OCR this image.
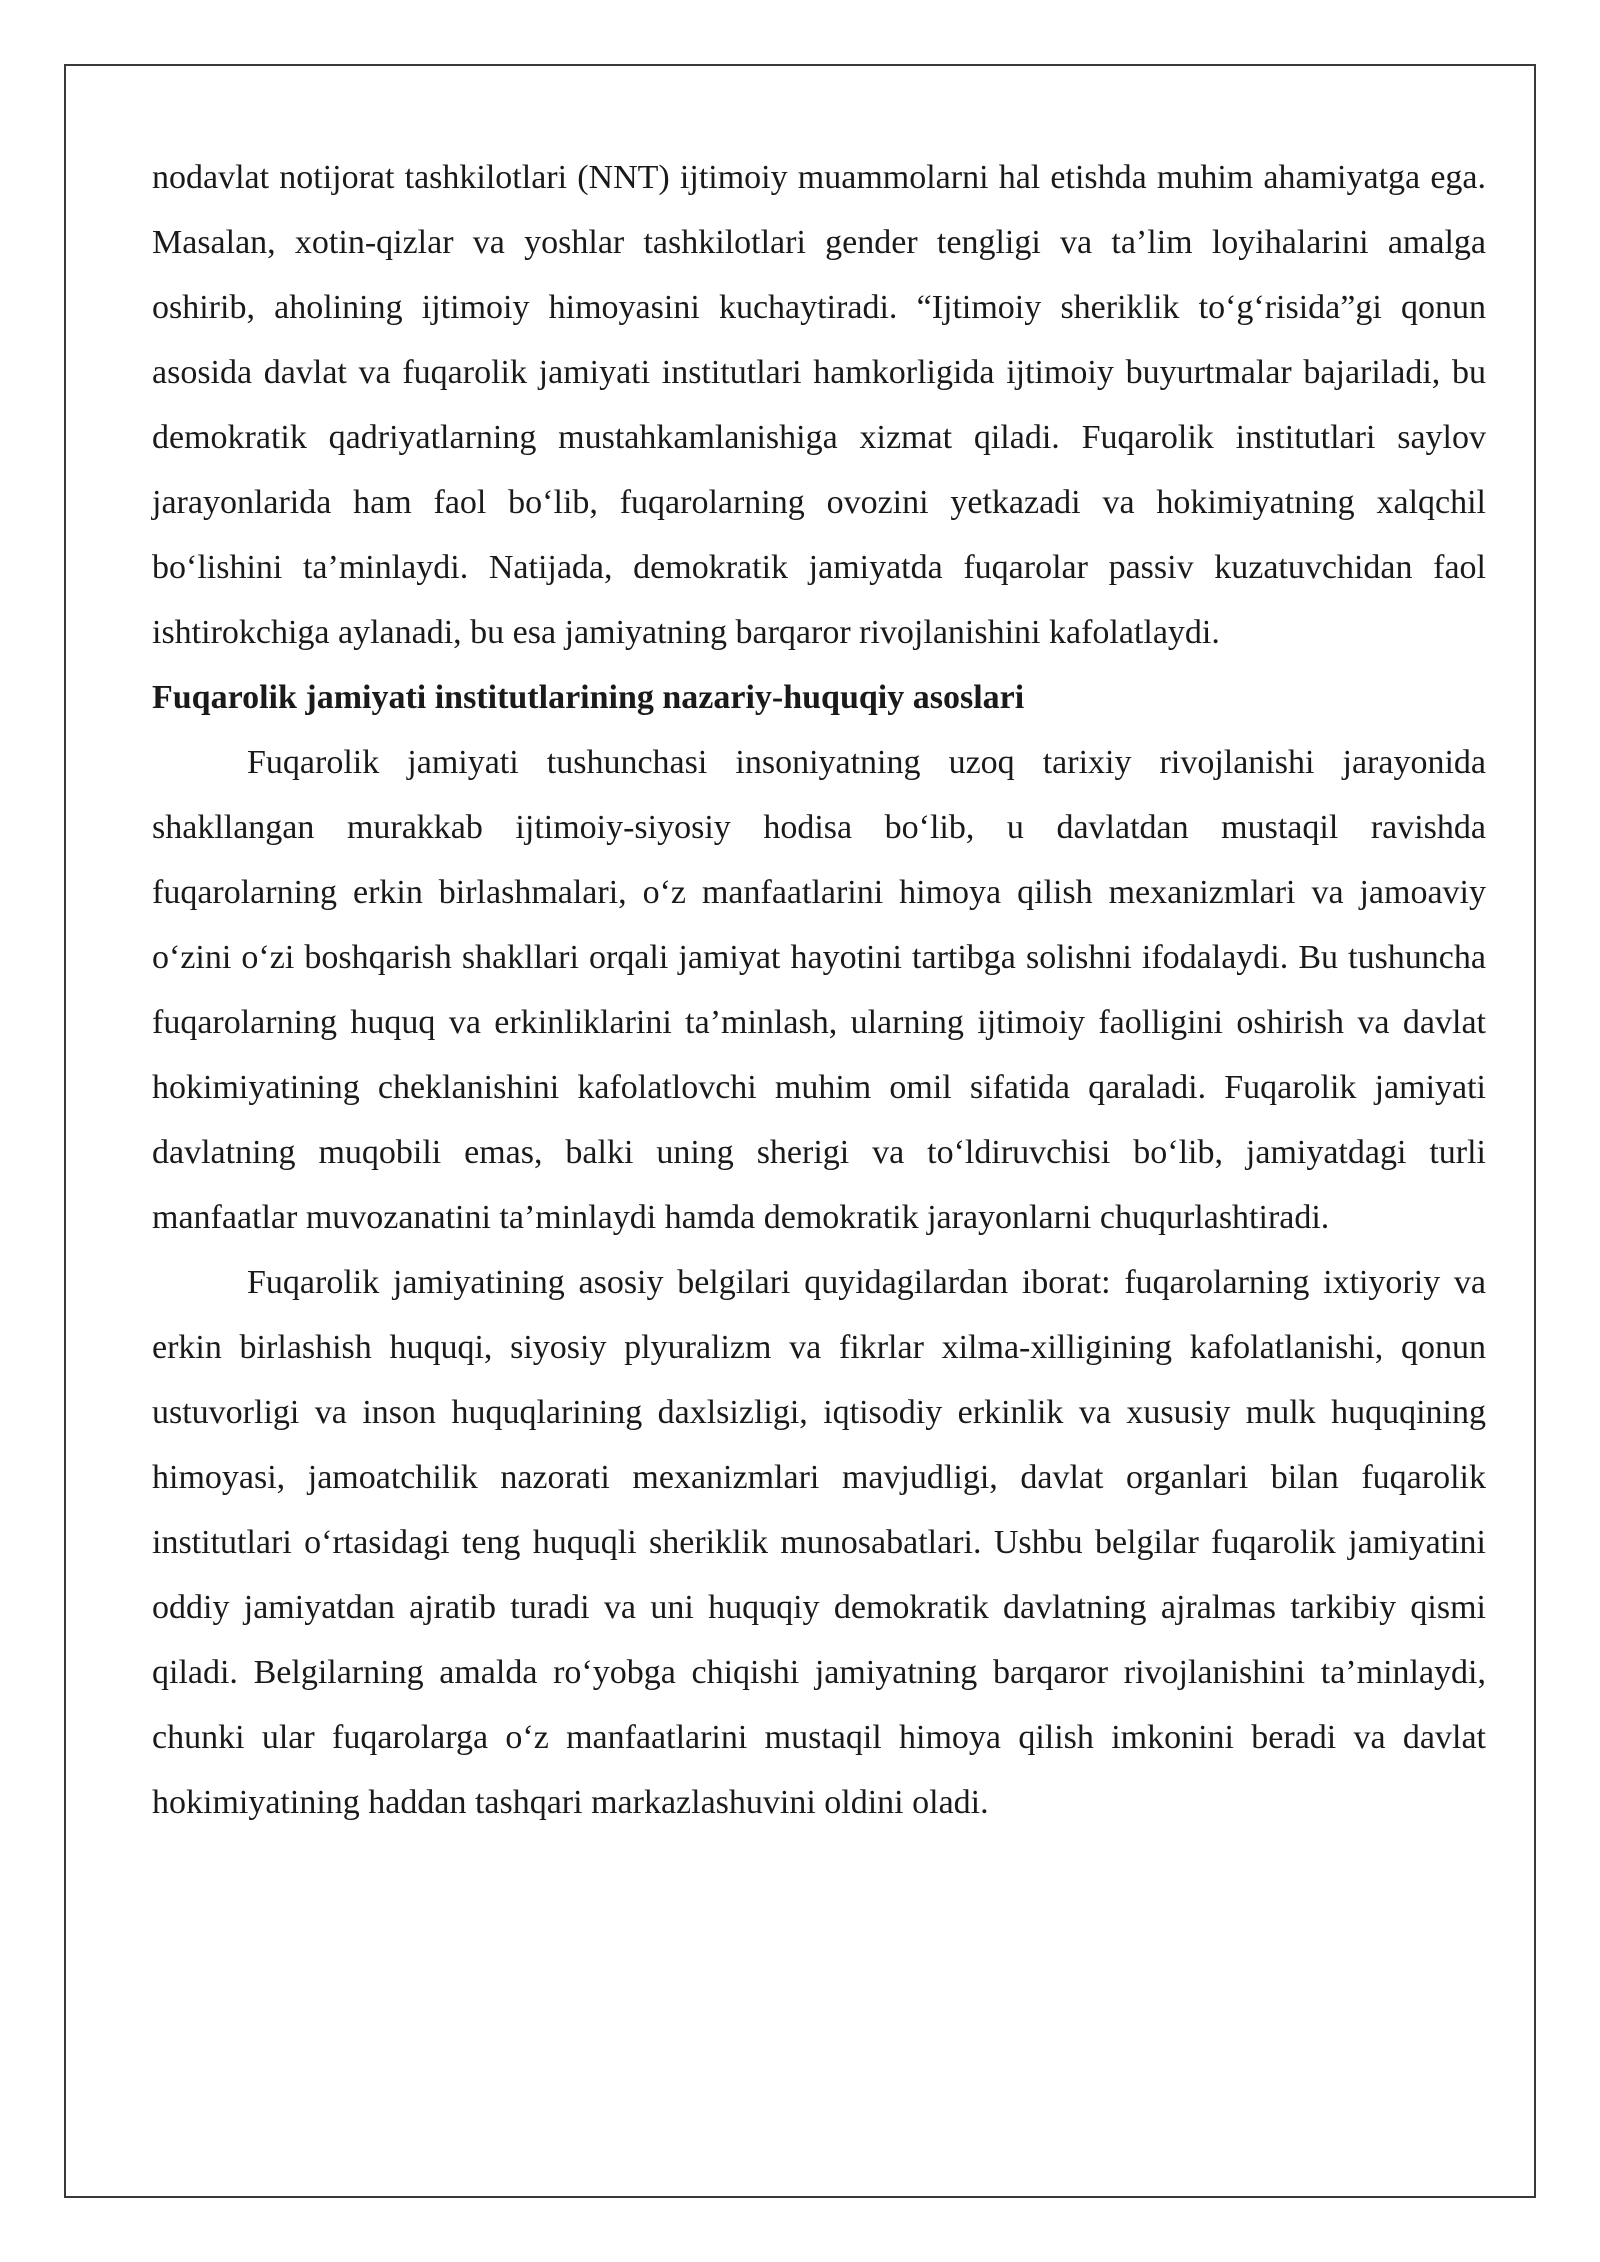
nodavlat notijorat tashkilotlari (NNT) ijtimoiy muammolarni hal etishda muhim ahamiyatga ega. Masalan, xotin-qizlar va yoshlar tashkilotlari gender tengligi va ta’lim loyihalarini amalga oshirib, aholining ijtimoiy himoyasini kuchaytiradi. “Ijtimoiy sheriklik to‘g‘risida”gi qonun asosida davlat va fuqarolik jamiyati institutlari hamkorligida ijtimoiy buyurtmalar bajariladi, bu demokratik qadriyatlarning mustahkamlanishiga xizmat qiladi. Fuqarolik institutlari saylov jarayonlarida ham faol bo‘lib, fuqarolarning ovozini yetkazadi va hokimiyatning xalqchil bo‘lishini ta’minlaydi. Natijada, demokratik jamiyatda fuqarolar passiv kuzatuvchidan faol ishtirokchiga aylanadi, bu esa jamiyatning barqaror rivojlanishini kafolatlaydi.

Fuqarolik jamiyati institutlarining nazariy-huquqiy asoslari

Fuqarolik jamiyati tushunchasi insoniyatning uzoq tarixiy rivojlanishi jarayonida shakllangan murakkab ijtimoiy-siyosiy hodisa bo‘lib, u davlatdan mustaqil ravishda fuqarolarning erkin birlashmalari, o‘z manfaatlarini himoya qilish mexanizmlari va jamoaviy o‘zini o‘zi boshqarish shakllari orqali jamiyat hayotini tartibga solishni ifodalaydi. Bu tushuncha fuqarolarning huquq va erkinliklarini ta’minlash, ularning ijtimoiy faolligini oshirish va davlat hokimiyatining cheklanishini kafolatlovchi muhim omil sifatida qaraladi. Fuqarolik jamiyati davlatning muqobili emas, balki uning sherigi va to‘ldiruvchisi bo‘lib, jamiyatdagi turli manfaatlar muvozanatini ta’minlaydi hamda demokratik jarayonlarni chuqurlashtiradi.

Fuqarolik jamiyatining asosiy belgilari quyidagilardan iborat: fuqarolarning ixtiyoriy va erkin birlashish huquqi, siyosiy plyuralizm va fikrlar xilma-xilligining kafolatlanishi, qonun ustuvorligi va inson huquqlarining daxlsizligi, iqtisodiy erkinlik va xususiy mulk huquqining himoyasi, jamoatchilik nazorati mexanizmlari mavjudligi, davlat organlari bilan fuqarolik institutlari o‘rtasidagi teng huquqli sheriklik munosabatlari. Ushbu belgilar fuqarolik jamiyatini oddiy jamiyatdan ajratib turadi va uni huquqiy demokratik davlatning ajralmas tarkibiy qismi qiladi. Belgilarning amalda ro‘yobga chiqishi jamiyatning barqaror rivojlanishini ta’minlaydi, chunki ular fuqarolarga o‘z manfaatlarini mustaqil himoya qilish imkonini beradi va davlat hokimiyatining haddan tashqari markazlashuvini oldini oladi.
